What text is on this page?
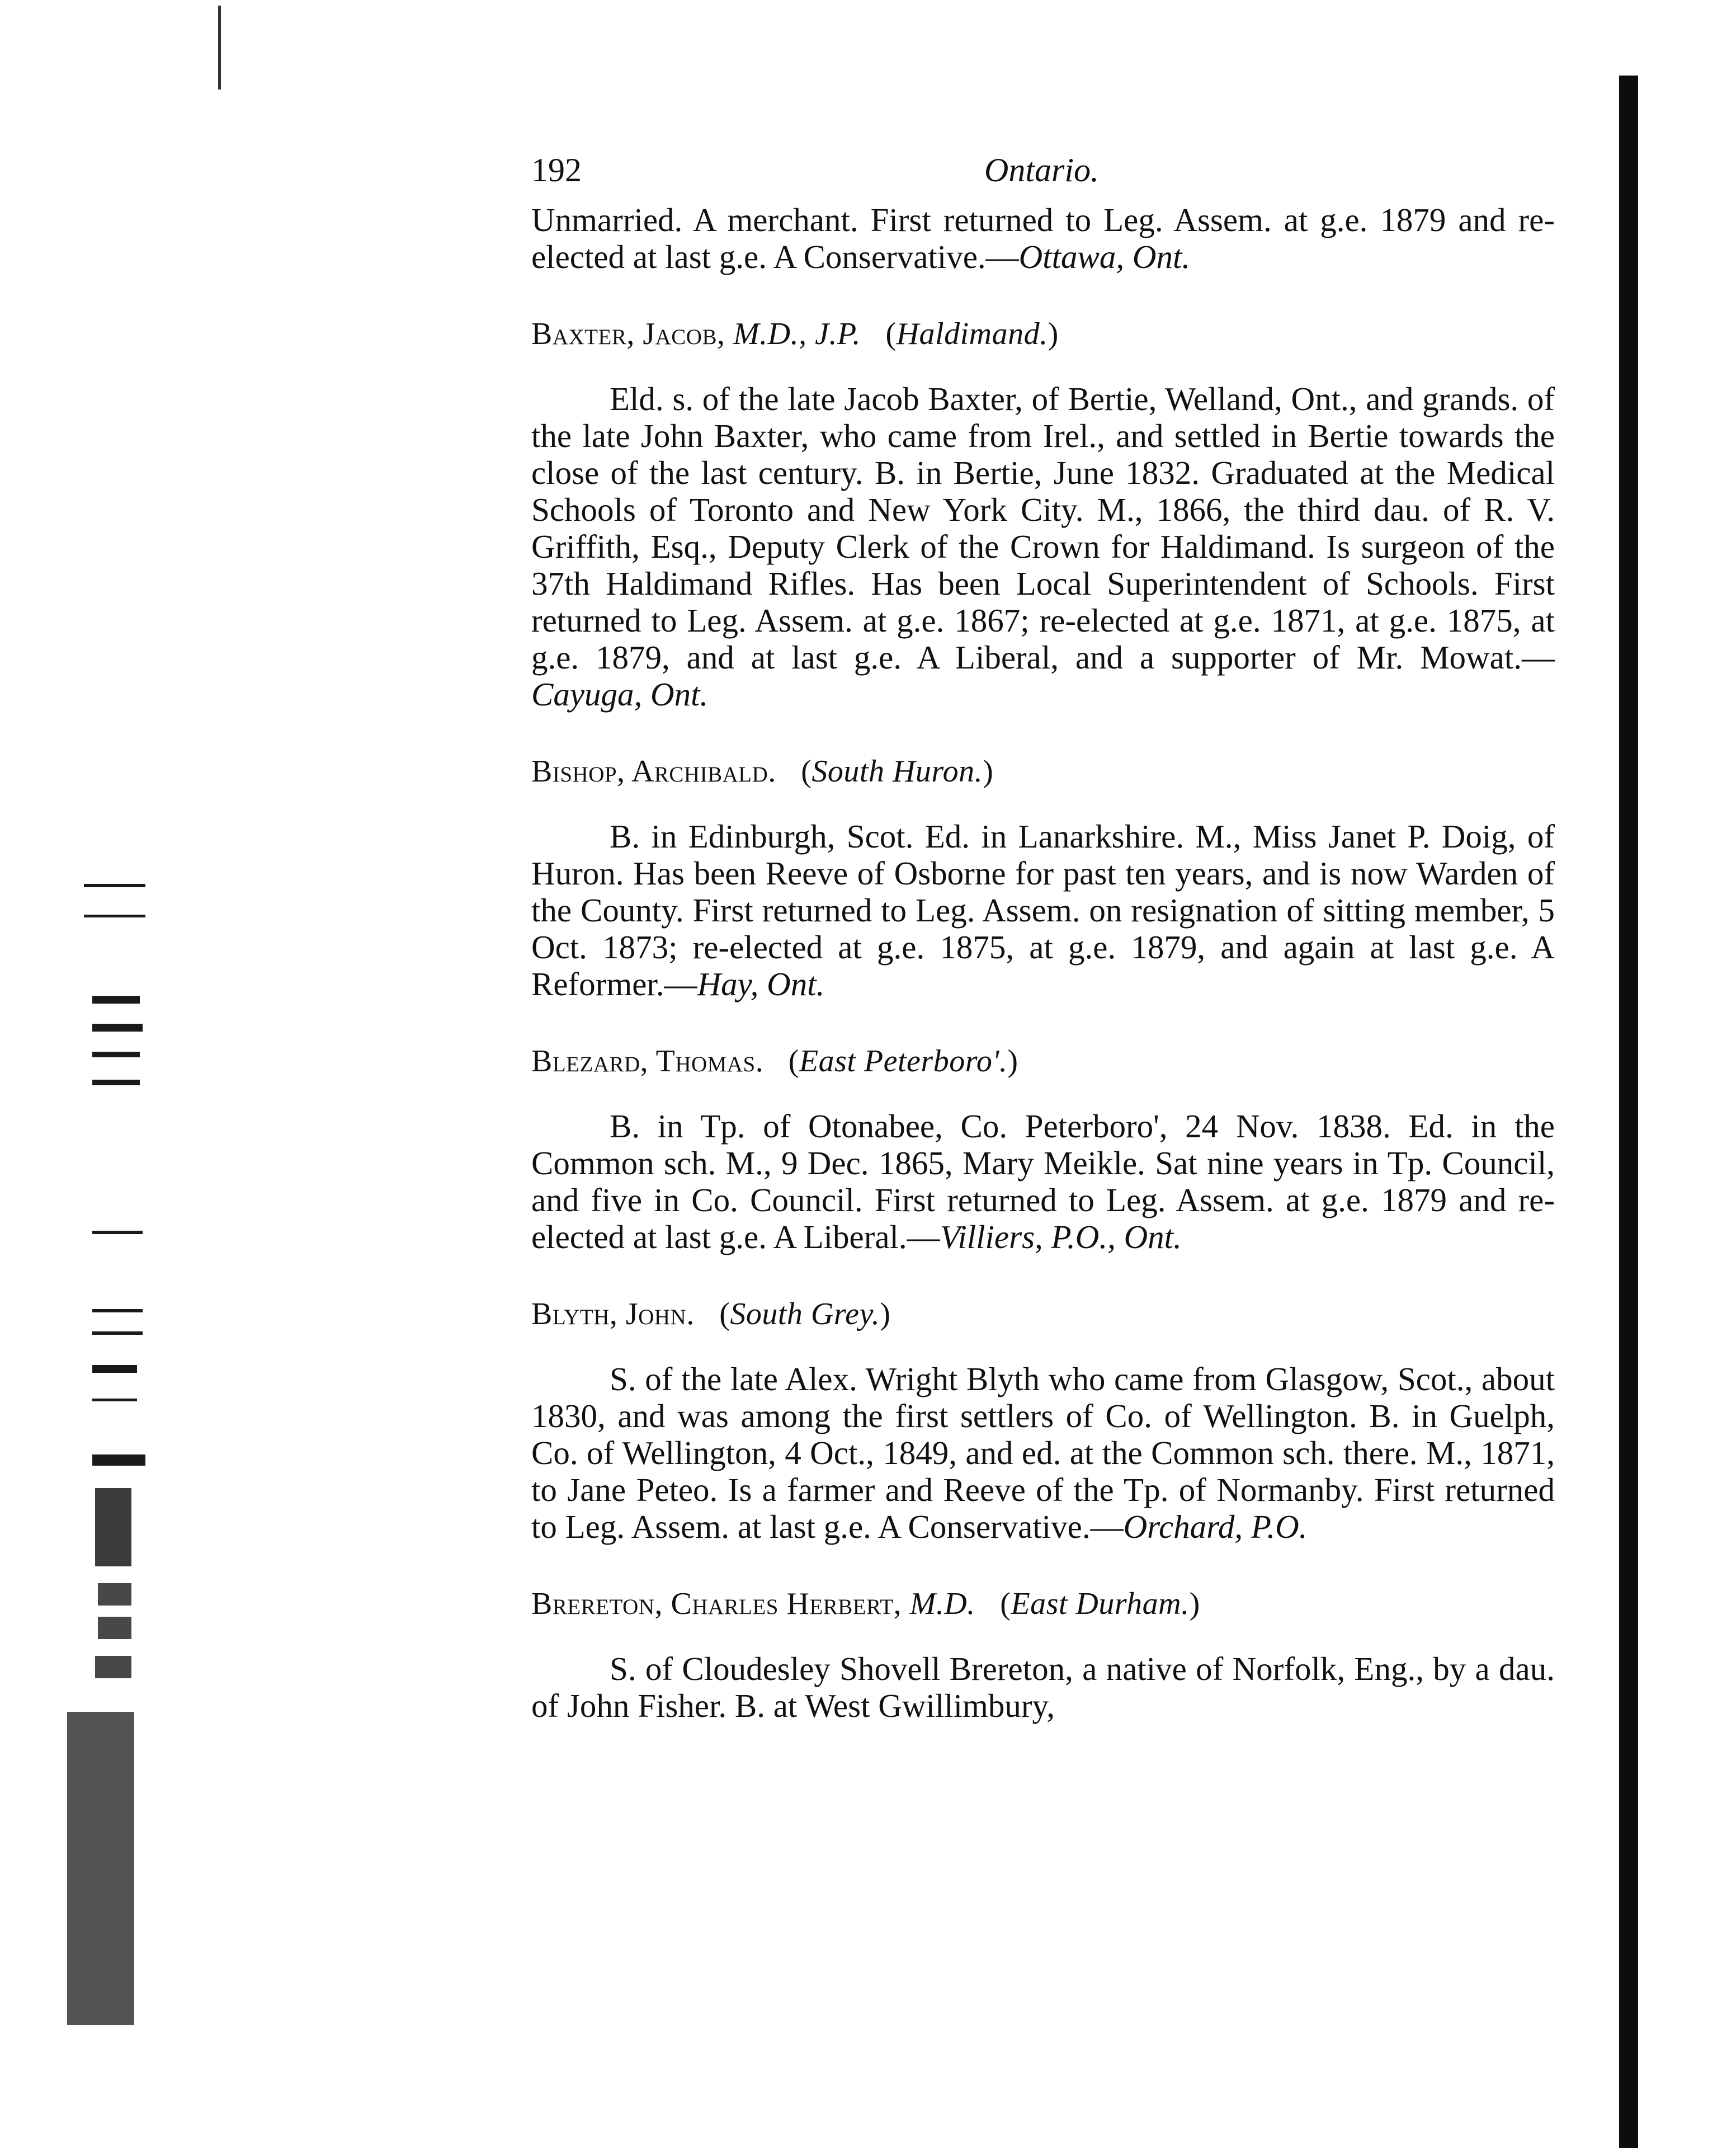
192	Ontario.

Unmarried. A merchant. First returned to Leg. Assem. at g.e. 1879 and re-elected at last g.e. A Conservative.—Ottawa, Ont.

Baxter, Jacob, M.D., J.P. (Haldimand.)

Eld. s. of the late Jacob Baxter, of Bertie, Welland, Ont., and grands. of the late John Baxter, who came from Irel., and settled in Bertie towards the close of the last century. B. in Bertie, June 1832. Graduated at the Medical Schools of Toronto and New York City. M., 1866, the third dau. of R. V. Griffith, Esq., Deputy Clerk of the Crown for Haldimand. Is surgeon of the 37th Haldimand Rifles. Has been Local Superintendent of Schools. First returned to Leg. Assem. at g.e. 1867; re-elected at g.e. 1871, at g.e. 1875, at g.e. 1879, and at last g.e. A Liberal, and a supporter of Mr. Mowat.—Cayuga, Ont.

Bishop, Archibald. (South Huron.)

B. in Edinburgh, Scot. Ed. in Lanarkshire. M., Miss Janet P. Doig, of Huron. Has been Reeve of Osborne for past ten years, and is now Warden of the County. First returned to Leg. Assem. on resignation of sitting member, 5 Oct. 1873; re-elected at g.e. 1875, at g.e. 1879, and again at last g.e. A Reformer.—Hay, Ont.

Blezard, Thomas. (East Peterboro'.)

B. in Tp. of Otonabee, Co. Peterboro', 24 Nov. 1838. Ed. in the Common sch. M., 9 Dec. 1865, Mary Meikle. Sat nine years in Tp. Council, and five in Co. Council. First returned to Leg. Assem. at g.e. 1879 and re-elected at last g.e. A Liberal.—Villiers, P.O., Ont.

Blyth, John. (South Grey.)

S. of the late Alex. Wright Blyth who came from Glasgow, Scot., about 1830, and was among the first settlers of Co. of Wellington. B. in Guelph, Co. of Wellington, 4 Oct., 1849, and ed. at the Common sch. there. M., 1871, to Jane Peteo. Is a farmer and Reeve of the Tp. of Normanby. First returned to Leg. Assem. at last g.e. A Conservative.—Orchard, P.O.

Brereton, Charles Herbert, M.D. (East Durham.)

S. of Cloudesley Shovell Brereton, a native of Norfolk, Eng., by a dau. of John Fisher. B. at West Gwillimbury,
